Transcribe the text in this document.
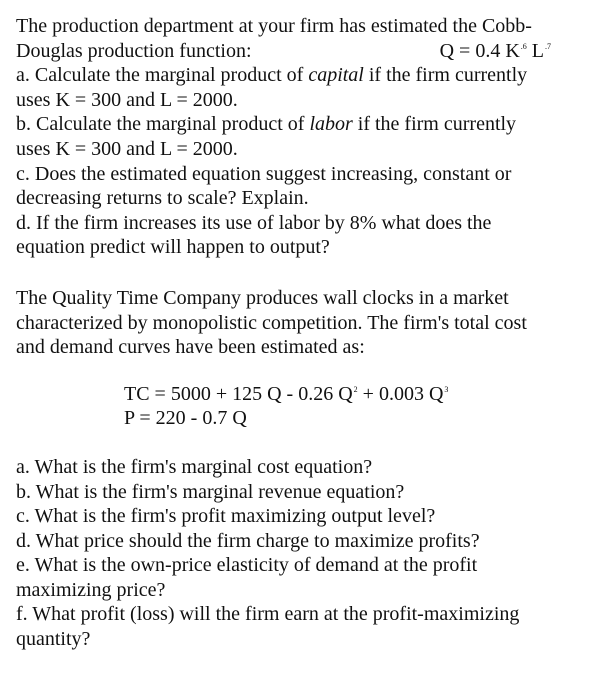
The production department at your firm has estimated the Cobb-
Douglas production function:	Q = 0.4 $K^{.6}$ $L^{.7}$
a. Calculate the marginal product of capital if the firm currently
uses K = 300 and L = 2000.
b. Calculate the marginal product of labor if the firm currently
uses K = 300 and L = 2000.
c. Does the estimated equation suggest increasing, constant or
decreasing returns to scale? Explain.
d. If the firm increases its use of labor by 8% what does the
equation predict will happen to output?
The Quality Time Company produces wall clocks in a market
characterized by monopolistic competition. The firm's total cost
and demand curves have been estimated as:
TC = 5000 + 125 Q - 0.26 $Q^2 + 0.003$ $Q^3$
P = 220 - 0.7 Q
a. What is the firm's marginal cost equation?
b. What is the firm's marginal revenue equation?
c. What is the firm's profit maximizing output level?
d. What price should the firm charge to maximize profits?
e. What is the own-price elasticity of demand at the profit
maximizing price?
f. What profit (loss) will the firm earn at the profit-maximizing
quantity?
